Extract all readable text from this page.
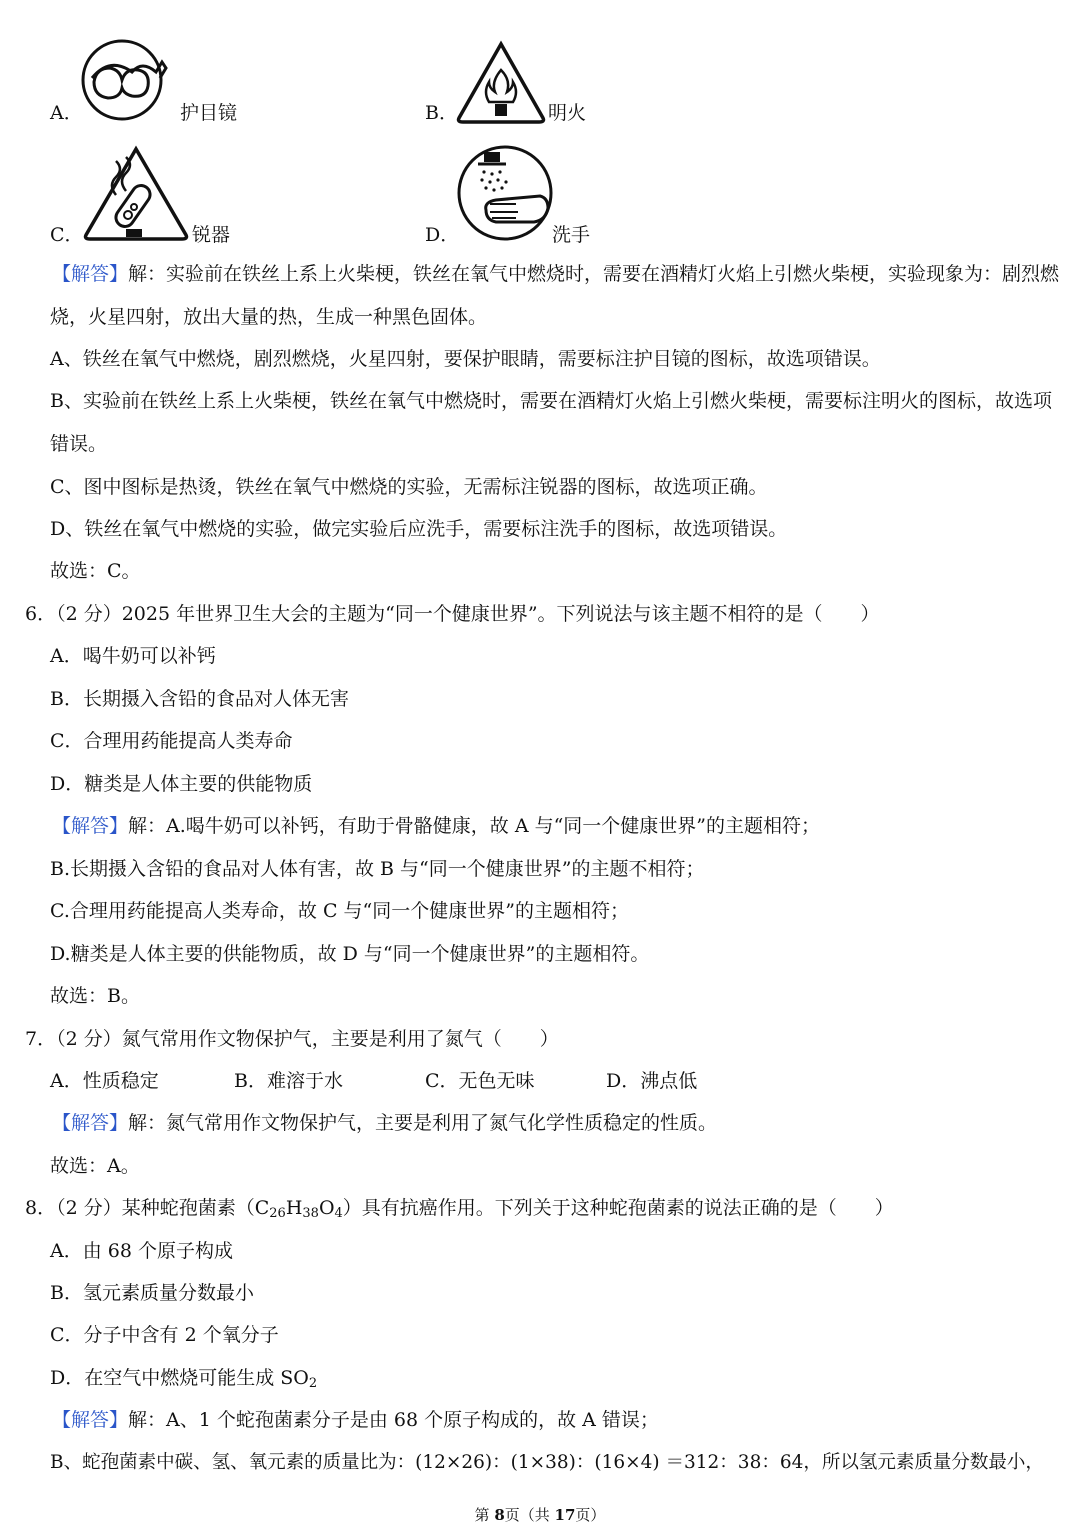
A．	护目镜	B．	明火
C．	锐器	D．	洗手
【解答】解：实验前在铁丝上系上火柴梗，铁丝在氧气中燃烧时，需要在酒精灯火焰上引燃火柴梗，实验现象为：剧烈燃
烧，火星四射，放出大量的热，生成一种黑色固体。
A、铁丝在氧气中燃烧，剧烈燃烧，火星四射，要保护眼睛，需要标注护目镜的图标，故选项错误。
B、实验前在铁丝上系上火柴梗，铁丝在氧气中燃烧时，需要在酒精灯火焰上引燃火柴梗，需要标注明火的图标，故选项
错误。
C、图中图标是热烫，铁丝在氧气中燃烧的实验，无需标注锐器的图标，故选项正确。
D、铁丝在氧气中燃烧的实验，做完实验后应洗手，需要标注洗手的图标，故选项错误。
故选：C。
6．（2 分）2025 年世界卫生大会的主题为“同一个健康世界”。下列说法与该主题不相符的是（　　）
A．喝牛奶可以补钙
B．长期摄入含铅的食品对人体无害
C．合理用药能提高人类寿命
D．糖类是人体主要的供能物质
【解答】解：A.喝牛奶可以补钙，有助于骨骼健康，故 A 与“同一个健康世界”的主题相符；
B.长期摄入含铅的食品对人体有害，故 B 与“同一个健康世界”的主题不相符；
C.合理用药能提高人类寿命，故 C 与“同一个健康世界”的主题相符；
D.糖类是人体主要的供能物质，故 D 与“同一个健康世界”的主题相符。
故选：B。
7．（2 分）氮气常用作文物保护气，主要是利用了氮气（　　）
A．性质稳定	B．难溶于水	C．无色无味	D．沸点低
【解答】解：氮气常用作文物保护气，主要是利用了氮气化学性质稳定的性质。
故选：A。
8．（2 分）某种蛇孢菌素$(C_{26}H_{38}O_4)$具有抗癌作用。下列关于这种蛇孢菌素的说法正确的是（　　）
A．由 68 个原子构成
B．氢元素质量分数最小
C．分子中含有 2 个氧分子
D．在空气中燃烧可能生成 $SO_2$
【解答】解：A、1 个蛇孢菌素分子是由 68 个原子构成的，故 A 错误；
B、蛇孢菌素中碳、氢、氧元素的质量比为：(12×26)：(1×38)：(16×4) ＝312：38：64，所以氢元素质量分数最小，
第 8页（共 17页）
